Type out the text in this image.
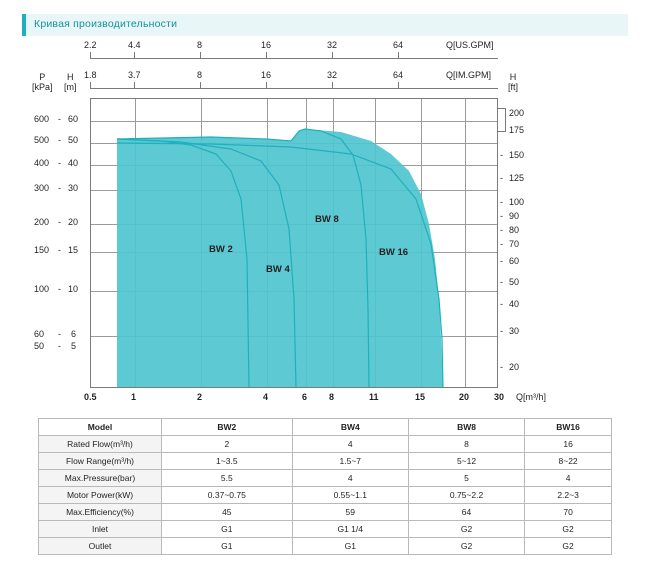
Кривая производительности
2.2	4.4	8	16	32	64	Q[US.GPM]
1.8	3.7	8	16	32	64	Q[IM.GPM]
P
[kPa]
H
[m]
H
[ft]
600
500
400
300
200
150
100
60
50
-
-
-
-
-
-
-
-
-
60
50
40
30
20
15
10
6
5
200
175
- 150
- 125
- 100
- 90
- 80
- 70
- 60
- 50
- 40
- 30
- 20
BW 2
BW 4
BW 8
BW 16
0.5	1	2	4	6 8	11	15	20	30 Q[m³/h]
Model	BW2	BW4	BW8	BW16
Rated Flow(m³/h)	2	4	8	16
Flow Range(m³/h)	1~3.5	1.5~7	5~12	8~22
Max.Pressure(bar)	5.5	4	5	4
Motor Power(kW)	0.37~0.75	0.55~1.1	0.75~2.2	2.2~3
Max.Efficiency(%)	45	59	64	70
Inlet	G1	G1 1/4	G2	G2
Outlet	G1	G1	G2	G2
